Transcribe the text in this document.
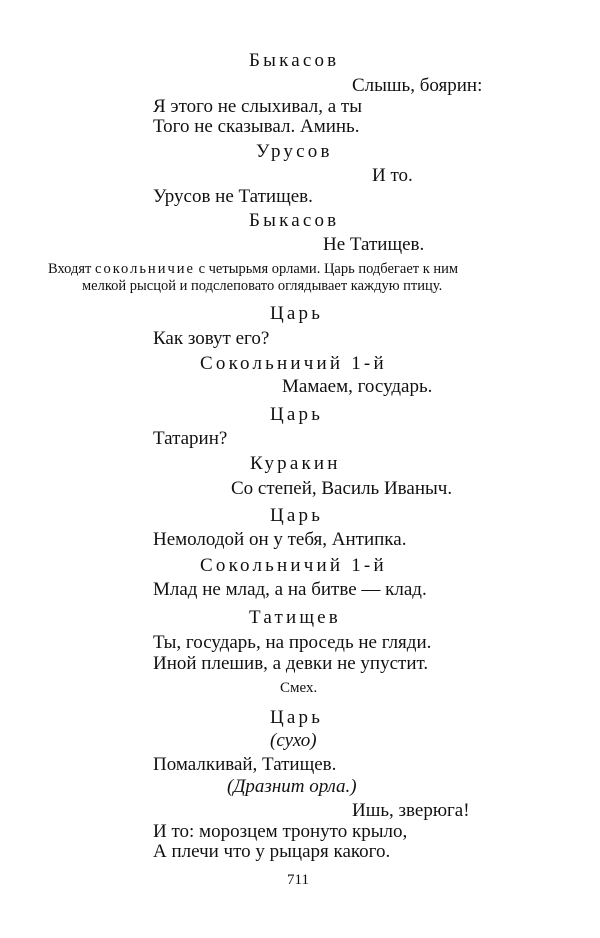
Быкасов
Слышь, боярин:
Я этого не слыхивал, а ты
Того не сказывал. Аминь.
Урусов
И то.
Урусов не Татищев.
Быкасов
Не Татищев.
Входят сокольничие с четырьмя орлами. Царь подбегает к ним
мелкой рысцой и подслеповато оглядывает каждую птицу.
Царь
Как зовут его?
Сокольничий 1-й
Мамаем, государь.
Царь
Татарин?
Куракин
Со степей, Василь Иваныч.
Царь
Немолодой он у тебя, Антипка.
Сокольничий 1-й
Млад не млад, а на битве — клад.
Татищев
Ты, государь, на проседь не гляди.
Иной плешив, а девки не упустит.
Смех.
Царь
(сухо)
Помалкивай, Татищев.
(Дразнит орла.)
Ишь, зверюга!
И то: морозцем тронуто крыло,
А плечи что у рыцаря какого.
711
